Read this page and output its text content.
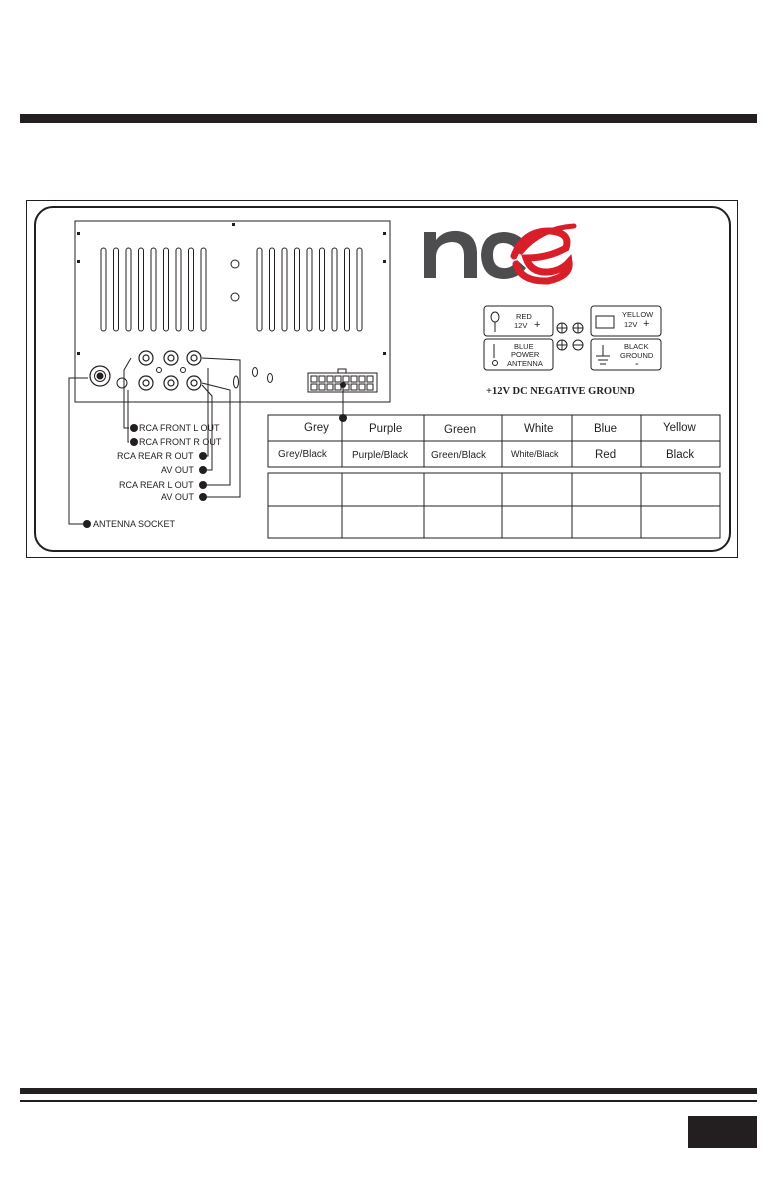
RCA FRONT L OUT
RCA FRONT R OUT
RCA REAR R OUT
AV OUT
RCA REAR L OUT
AV OUT
ANTENNA SOCKET
RED
12V +
BLUE
POWER
ANTENNA
YELLOW
12V +
BLACK
GROUND
-
+12V DC NEGATIVE GROUND
Grey	Purple	Green	White	Blue	Yellow
Grey/Black	Purple/Black Green/Black	White/Black	Red	Black
